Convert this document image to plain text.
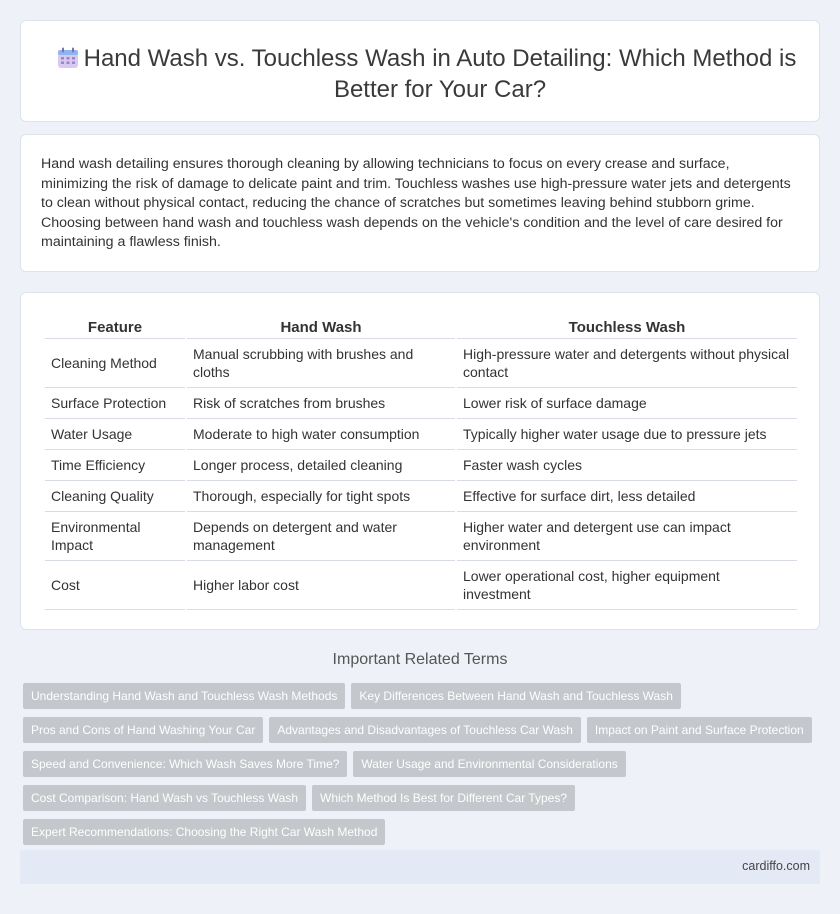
Hand Wash vs. Touchless Wash in Auto Detailing: Which Method is Better for Your Car?

Hand wash detailing ensures thorough cleaning by allowing technicians to focus on every crease and surface, minimizing the risk of damage to delicate paint and trim. Touchless washes use high-pressure water jets and detergents to clean without physical contact, reducing the chance of scratches but sometimes leaving behind stubborn grime. Choosing between hand wash and touchless wash depends on the vehicle's condition and the level of care desired for maintaining a flawless finish.

Feature	Hand Wash	Touchless Wash
Cleaning Method	Manual scrubbing with brushes and cloths	High-pressure water and detergents without physical contact
Surface Protection	Risk of scratches from brushes	Lower risk of surface damage
Water Usage	Moderate to high water consumption	Typically higher water usage due to pressure jets
Time Efficiency	Longer process, detailed cleaning	Faster wash cycles
Cleaning Quality	Thorough, especially for tight spots	Effective for surface dirt, less detailed
Environmental Impact	Depends on detergent and water management	Higher water and detergent use can impact environment
Cost	Higher labor cost	Lower operational cost, higher equipment investment
Important Related Terms
Understanding Hand Wash and Touchless Wash Methods	Key Differences Between Hand Wash and Touchless Wash
Pros and Cons of Hand Washing Your Car	Advantages and Disadvantages of Touchless Car Wash	Impact on Paint and Surface Protection
Speed and Convenience: Which Wash Saves More Time?	Water Usage and Environmental Considerations
Cost Comparison: Hand Wash vs Touchless Wash	Which Method Is Best for Different Car Types?
Expert Recommendations: Choosing the Right Car Wash Method
cardiffo.com
